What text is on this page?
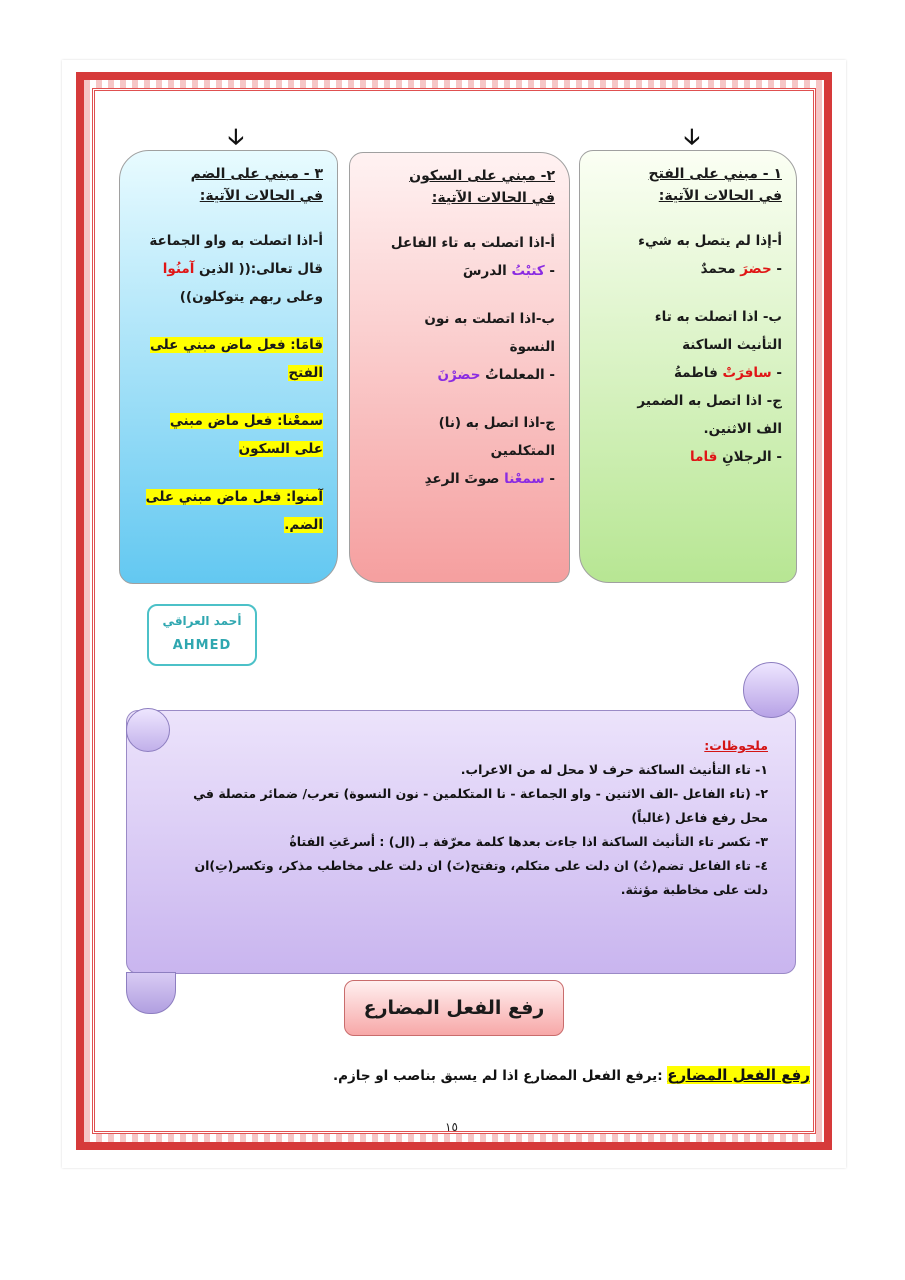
🡣	🡣
١ - مبني على الفتح
في الحالات الآتية:
أ-إذا لم يتصل به شيء
- حضرَ محمدٌ
ب- اذا اتصلت به تاء
التأنيث الساكنة
- سافرَتْ فاطمةُ
ج- اذا اتصل به الضمير
الف الاثنين.
- الرجلانِ قاما
٢- مبني على السكون
في الحالات الآتية:
أ-اذا اتصلت به تاء الفاعل
- كتبْتُ الدرسَ
ب-اذا اتصلت به نون
النسوة
- المعلماتُ حضرْنَ
ج-اذا اتصل به (نا)
المتكلمين
- سمعْنا صوتَ الرعدِ
٣ - مبني على الضم
في الحالات الآتية:
أ-اذا اتصلت به واو الجماعة
قال تعالى:(( الذين آمنُوا
وعلى ربهم يتوكلون))
قامَا: فعل ماض مبني على
الفتح
سمعْنا: فعل ماض مبني
على السكون
آمنوا: فعل ماض مبني على
الضم.
أحمد العراقي
AHMED
ملحوظات:
١- تاء التأنيث الساكنة حرف لا محل له من الاعراب.
٢- (تاء الفاعل -الف الاثنين - واو الجماعة - نا المتكلمين - نون النسوة) تعرب/ ضمائر متصلة في محل رفع فاعل (غالباً)
٣- تكسر تاء التأنيث الساكنة اذا جاءت بعدها كلمة معرّفة بـ (ال) : أسرعَتِ الفتاةُ
٤- تاء الفاعل تضم(تُ) ان دلت على متكلم، وتفتح(تَ) ان دلت على مخاطب مذكر، وتكسر(تِ)ان دلت على مخاطبة مؤنثة.
رفع الفعل المضارع
رفع الفعل المضارع :يرفع الفعل المضارع اذا لم يسبق بناصب او جازم.
١٥
